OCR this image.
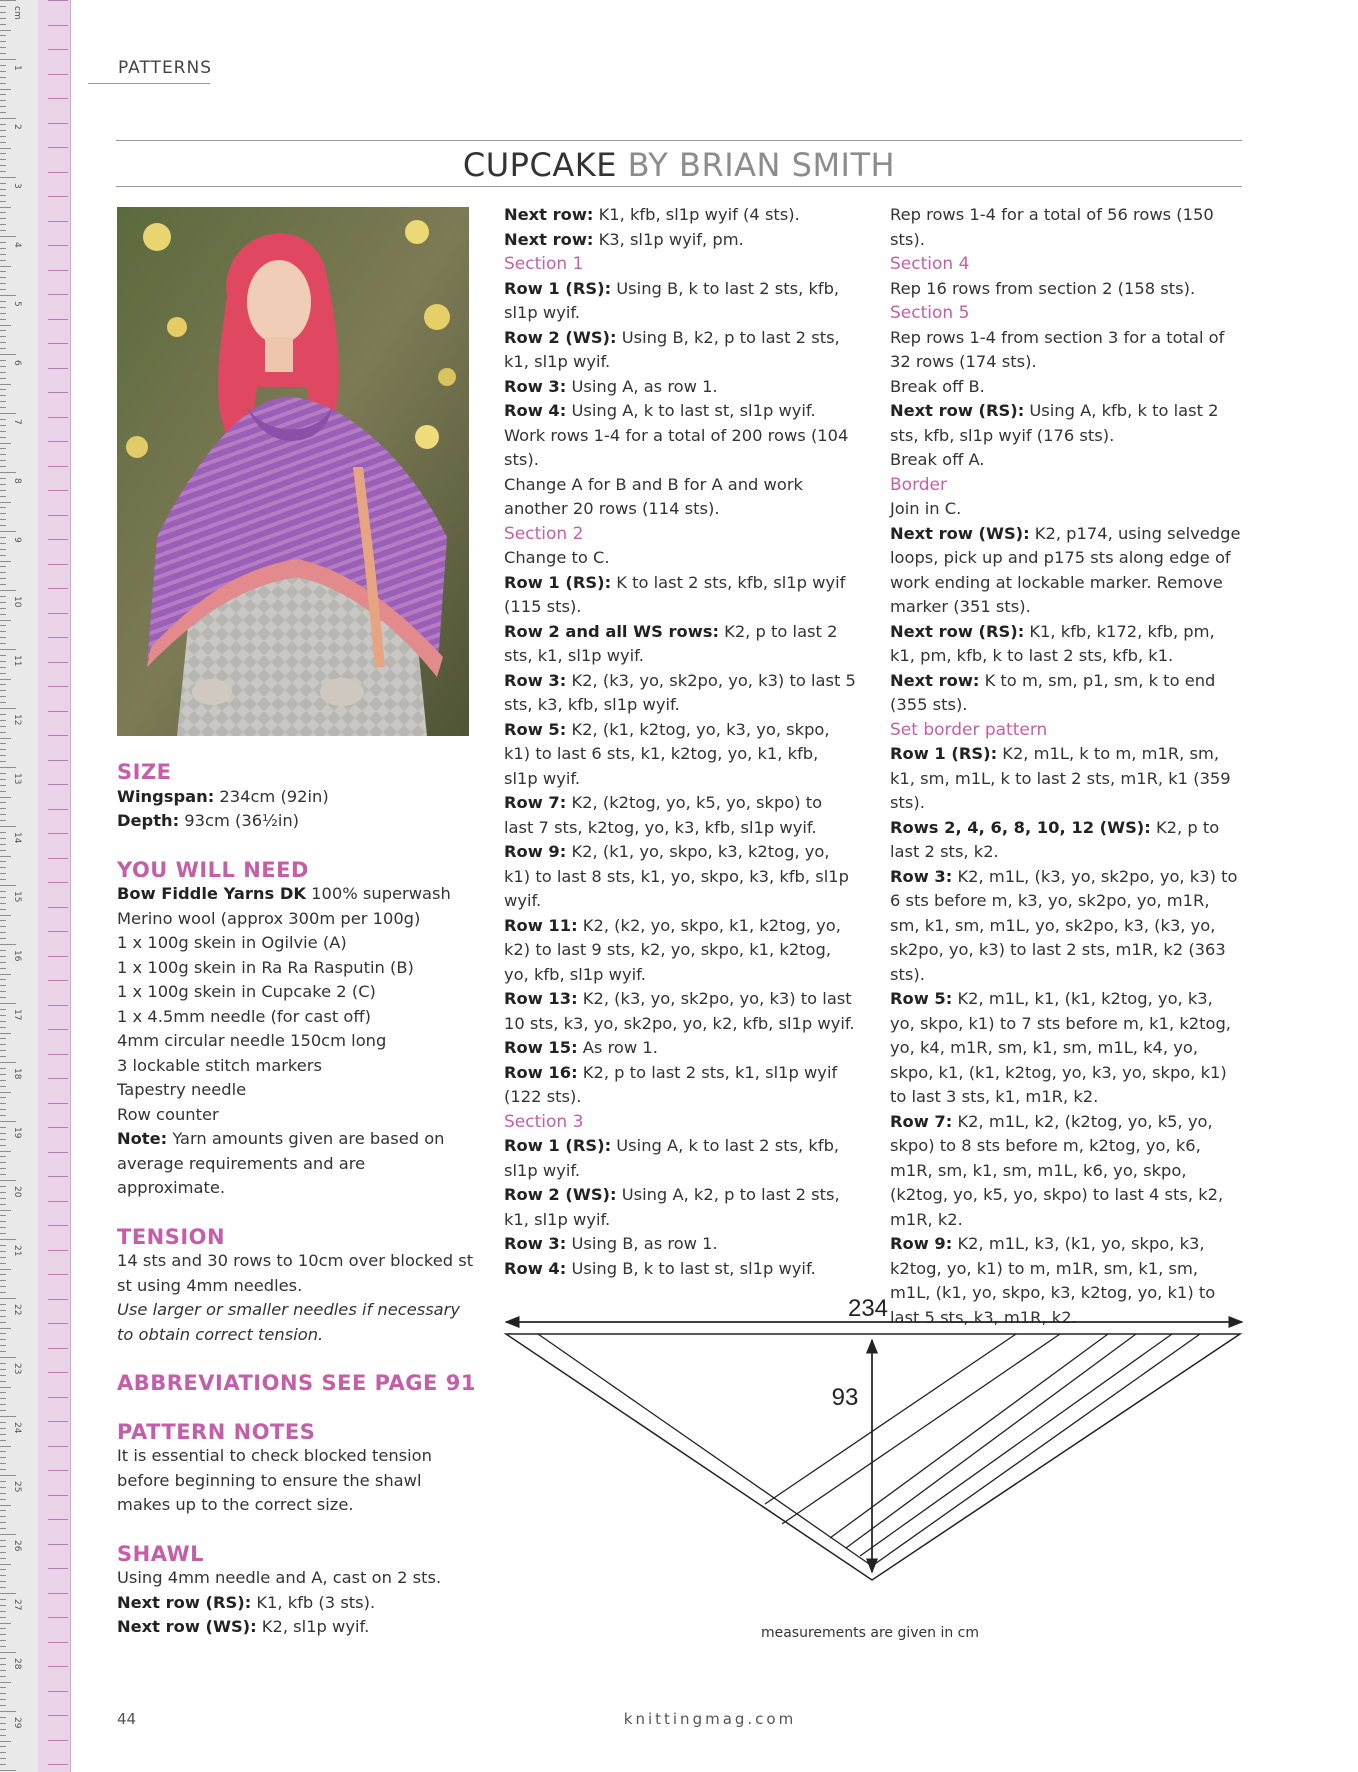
cm
1
2
3
4
5
6
7
8
9
10
11
12
13
14
15
16
17
18
19
20
21
22
23
24
25
26
27
28
29
PATTERNS
CUPCAKE BY BRIAN SMITH

SIZE

Wingspan: 234cm (92in)

Depth: 93cm (36½in)

YOU WILL NEED

Bow Fiddle Yarns DK 100% superwash Merino wool (approx 300m per 100g)

1 x 100g skein in Ogilvie (A)

1 x 100g skein in Ra Ra Rasputin (B)

1 x 100g skein in Cupcake 2 (C)

1 x 4.5mm needle (for cast off)

4mm circular needle 150cm long

3 lockable stitch markers

Tapestry needle

Row counter

Note: Yarn amounts given are based on average requirements and are approximate.

TENSION

14 sts and 30 rows to 10cm over blocked st st using 4mm needles.

Use larger or smaller needles if necessary to obtain correct tension.

ABBREVIATIONS SEE PAGE 91

PATTERN NOTES

It is essential to check blocked tension before beginning to ensure the shawl makes up to the correct size.

SHAWL

Using 4mm needle and A, cast on 2 sts.

Next row (RS): K1, kfb (3 sts).

Next row (WS): K2, sl1p wyif.

Next row: K1, kfb, sl1p wyif (4 sts).

Next row: K3, sl1p wyif, pm.

Section 1

Row 1 (RS): Using B, k to last 2 sts, kfb, sl1p wyif.

Row 2 (WS): Using B, k2, p to last 2 sts, k1, sl1p wyif.

Row 3: Using A, as row 1.

Row 4: Using A, k to last st, sl1p wyif.

Work rows 1-4 for a total of 200 rows (104 sts).

Change A for B and B for A and work another 20 rows (114 sts).

Section 2

Change to C.

Row 1 (RS): K to last 2 sts, kfb, sl1p wyif (115 sts).

Row 2 and all WS rows: K2, p to last 2 sts, k1, sl1p wyif.

Row 3: K2, (k3, yo, sk2po, yo, k3) to last 5 sts, k3, kfb, sl1p wyif.

Row 5: K2, (k1, k2tog, yo, k3, yo, skpo, k1) to last 6 sts, k1, k2tog, yo, k1, kfb, sl1p wyif.

Row 7: K2, (k2tog, yo, k5, yo, skpo) to last 7 sts, k2tog, yo, k3, kfb, sl1p wyif.

Row 9: K2, (k1, yo, skpo, k3, k2tog, yo, k1) to last 8 sts, k1, yo, skpo, k3, kfb, sl1p wyif.

Row 11: K2, (k2, yo, skpo, k1, k2tog, yo, k2) to last 9 sts, k2, yo, skpo, k1, k2tog, yo, kfb, sl1p wyif.

Row 13: K2, (k3, yo, sk2po, yo, k3) to last 10 sts, k3, yo, sk2po, yo, k2, kfb, sl1p wyif.

Row 15: As row 1.

Row 16: K2, p to last 2 sts, k1, sl1p wyif (122 sts).

Section 3

Row 1 (RS): Using A, k to last 2 sts, kfb, sl1p wyif.

Row 2 (WS): Using A, k2, p to last 2 sts, k1, sl1p wyif.

Row 3: Using B, as row 1.

Row 4: Using B, k to last st, sl1p wyif.

Rep rows 1-4 for a total of 56 rows (150 sts).

Section 4

Rep 16 rows from section 2 (158 sts).

Section 5

Rep rows 1-4 from section 3 for a total of 32 rows (174 sts).

Break off B.

Next row (RS): Using A, kfb, k to last 2 sts, kfb, sl1p wyif (176 sts).

Break off A.

Border

Join in C.

Next row (WS): K2, p174, using selvedge loops, pick up and p175 sts along edge of work ending at lockable marker. Remove marker (351 sts).

Next row (RS): K1, kfb, k172, kfb, pm, k1, pm, kfb, k to last 2 sts, kfb, k1.

Next row: K to m, sm, p1, sm, k to end (355 sts).

Set border pattern

Row 1 (RS): K2, m1L, k to m, m1R, sm, k1, sm, m1L, k to last 2 sts, m1R, k1 (359 sts).

Rows 2, 4, 6, 8, 10, 12 (WS): K2, p to last 2 sts, k2.

Row 3: K2, m1L, (k3, yo, sk2po, yo, k3) to 6 sts before m, k3, yo, sk2po, yo, m1R, sm, k1, sm, m1L, yo, sk2po, k3, (k3, yo, sk2po, yo, k3) to last 2 sts, m1R, k2 (363 sts).

Row 5: K2, m1L, k1, (k1, k2tog, yo, k3, yo, skpo, k1) to 7 sts before m, k1, k2tog, yo, k4, m1R, sm, k1, sm, m1L, k4, yo, skpo, k1, (k1, k2tog, yo, k3, yo, skpo, k1) to last 3 sts, k1, m1R, k2.

Row 7: K2, m1L, k2, (k2tog, yo, k5, yo, skpo) to 8 sts before m, k2tog, yo, k6, m1R, sm, k1, sm, m1L, k6, yo, skpo, (k2tog, yo, k5, yo, skpo) to last 4 sts, k2, m1R, k2.

Row 9: K2, m1L, k3, (k1, yo, skpo, k3, k2tog, yo, k1) to m, m1R, sm, k1, sm, m1L, (k1, yo, skpo, k3, k2tog, yo, k1) to last 5 sts, k3, m1R, k2.

234
93
measurements are given in cm
44	knittingmag.com
